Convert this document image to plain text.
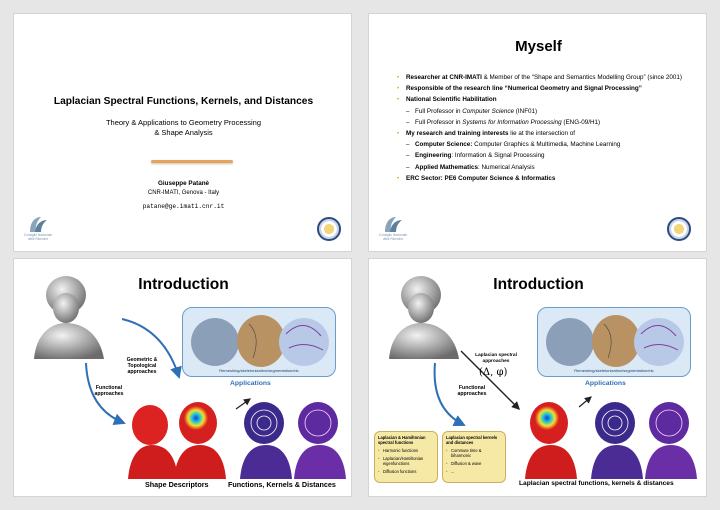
Laplacian Spectral Functions, Kernels, and Distances
Theory & Applications to Geometry Processing
& Shape Analysis
Giuseppe Patanè
CNR-IMATI, Genova - Italy
patane@ge.imati.cnr.it
Consiglio Nazionale delle Ricerche
Myself
• Researcher at CNR-IMATI & Member of the “Shape and Semantics Modelling Group” (since 2001)
• Responsible of the research line “Numerical Geometry and Signal Processing”
• National Scientific Habilitation
– Full Professor in Computer Science (INF01)
– Full Professor in Systems for Information Processing (ENG-09/H1)
• My research and training interests lie at the intersection of
– Computer Science: Computer Graphics & Multimedia, Machine Learning
– Engineering: Information & Signal Processing
– Applied Mathematics: Numerical Analysis
• ERC Sector: PE6 Computer Science & Informatics
Consiglio Nazionale delle Ricerche
Introduction
Remeshing/skeletonization/segmentation/etc
Geometric &
Topological
approaches
Functional
approaches
Applications
Shape Descriptors	Functions, Kernels & Distances
Introduction
Remeshing/skeletonization/segmentation/etc
Laplacian spectral
approaches
(Δ, φ)
Functional
approaches
Applications
Laplacian & Hamiltonian spectral functions
• Harmonic functions
• Laplacian/Hamiltonian eigenfunctions
• Diffusion functions
Laplacian spectral kernels and distances
• Commute time & biharmonic
• Diffusion & wave
• ...
Laplacian spectral functions, kernels & distances
